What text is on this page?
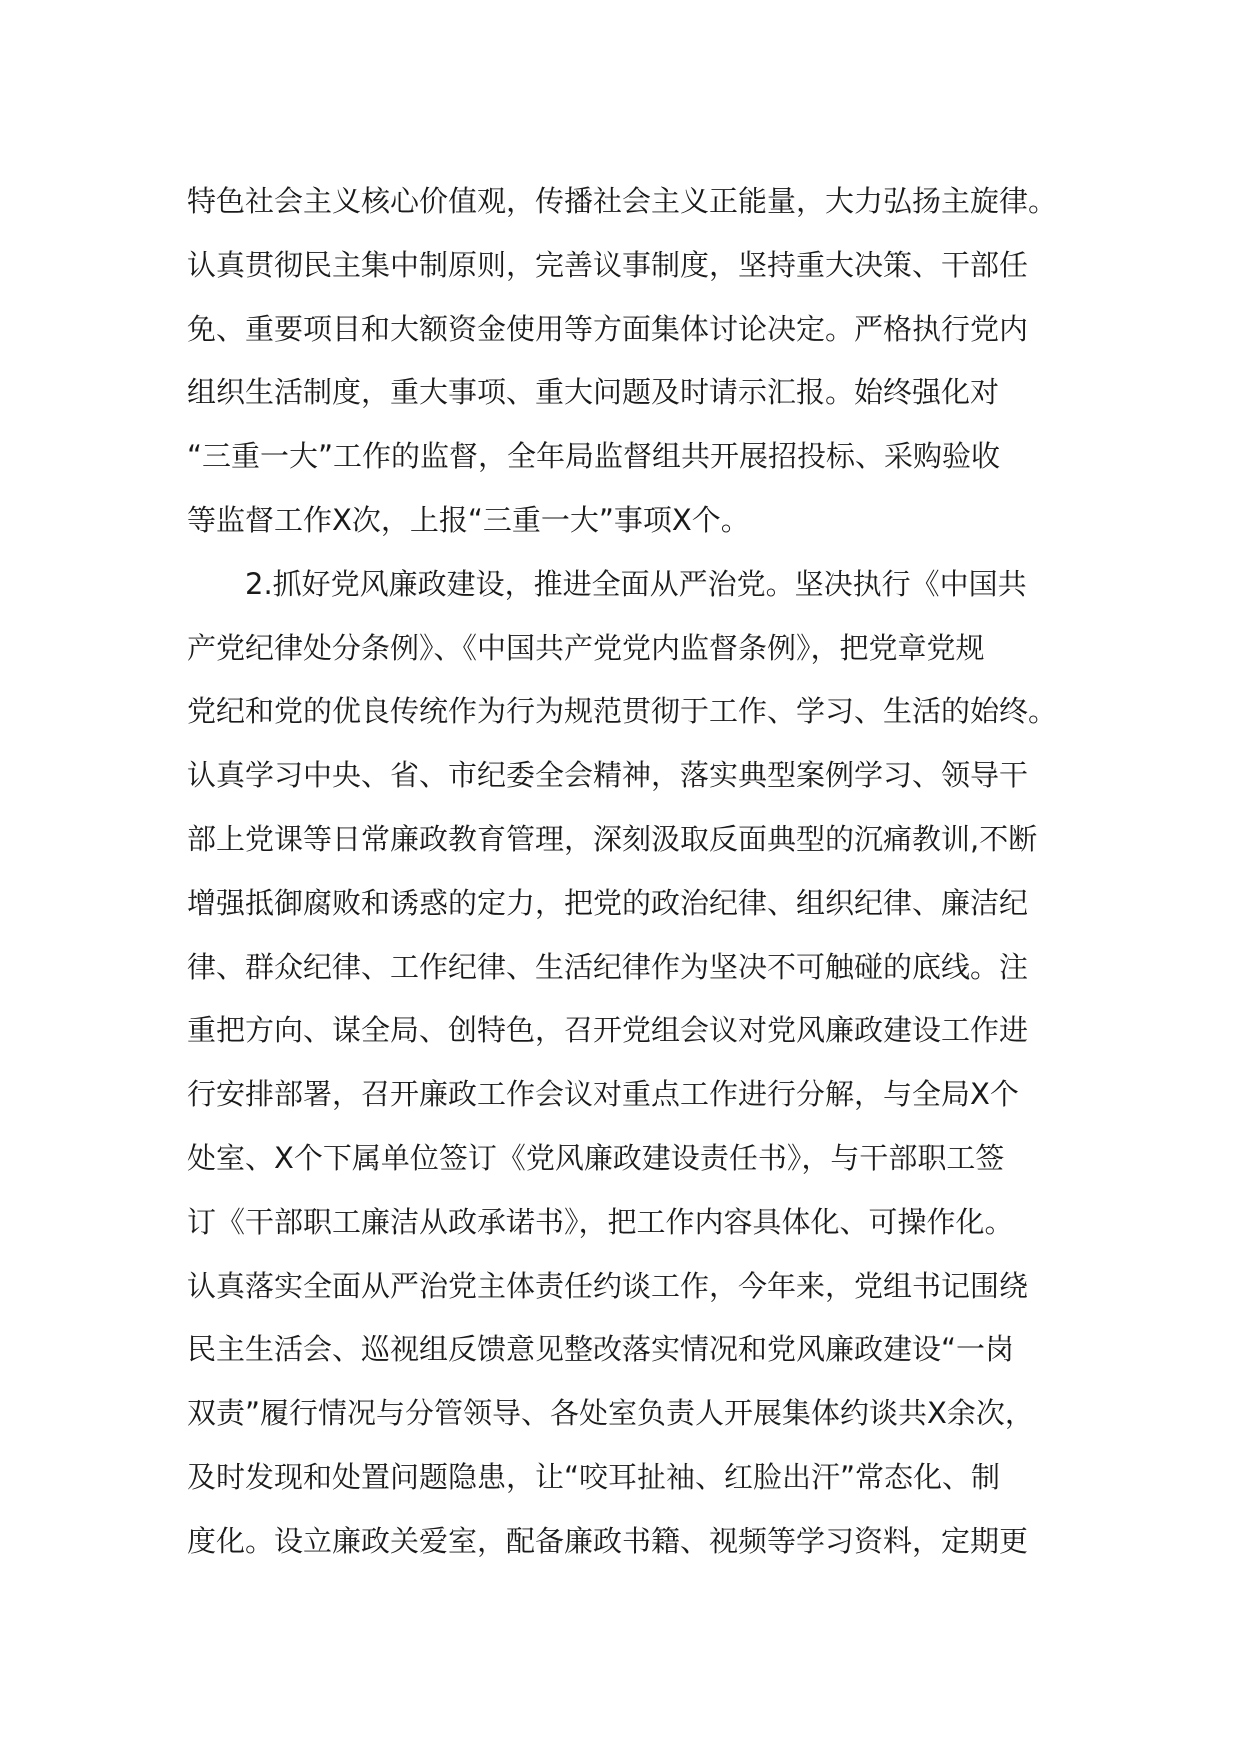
特色社会主义核心价值观，传播社会主义正能量，大力弘扬主旋律。
认真贯彻民主集中制原则，完善议事制度，坚持重大决策、干部任
免、重要项目和大额资金使用等方面集体讨论决定。严格执行党内
组织生活制度，重大事项、重大问题及时请示汇报。始终强化对
“三重一大”工作的监督，全年局监督组共开展招投标、采购验收
等监督工作X次，上报“三重一大”事项X个。
2.抓好党风廉政建设，推进全面从严治党。坚决执行《中国共
产党纪律处分条例》、《中国共产党党内监督条例》，把党章党规
党纪和党的优良传统作为行为规范贯彻于工作、学习、生活的始终。
认真学习中央、省、市纪委全会精神，落实典型案例学习、领导干
部上党课等日常廉政教育管理，深刻汲取反面典型的沉痛教训,不断
增强抵御腐败和诱惑的定力，把党的政治纪律、组织纪律、廉洁纪
律、群众纪律、工作纪律、生活纪律作为坚决不可触碰的底线。注
重把方向、谋全局、创特色，召开党组会议对党风廉政建设工作进
行安排部署，召开廉政工作会议对重点工作进行分解，与全局X个
处室、X个下属单位签订《党风廉政建设责任书》，与干部职工签
订《干部职工廉洁从政承诺书》，把工作内容具体化、可操作化。
认真落实全面从严治党主体责任约谈工作，今年来，党组书记围绕
民主生活会、巡视组反馈意见整改落实情况和党风廉政建设“一岗
双责”履行情况与分管领导、各处室负责人开展集体约谈共X余次，
及时发现和处置问题隐患，让“咬耳扯袖、红脸出汗”常态化、制
度化。设立廉政关爱室，配备廉政书籍、视频等学习资料，定期更
